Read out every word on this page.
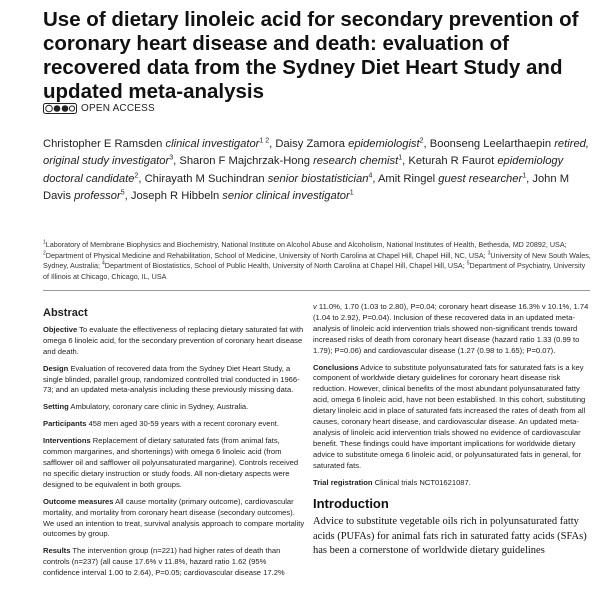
Use of dietary linoleic acid for secondary prevention of coronary heart disease and death: evaluation of recovered data from the Sydney Diet Heart Study and updated meta-analysis
OPEN ACCESS

Christopher E Ramsden clinical investigator$^{1 2}$, Daisy Zamora epidemiologist$^2$, Boonseng Leelarthaepin retired, original study investigator$^3$, Sharon F Majchrzak-Hong research chemist$^1$, Keturah R Faurot epidemiology doctoral candidate$^2$, Chirayath M Suchindran senior biostatistician$^4$, Amit Ringel guest researcher$^1$, John M Davis professor$^5$, Joseph R Hibbeln senior clinical investigator$^1$

$^1$Laboratory of Membrane Biophysics and Biochemistry, National Institute on Alcohol Abuse and Alcoholism, National Institutes of Health, Bethesda, MD 20892, USA; $^2$Department of Physical Medicine and Rehabilitation, School of Medicine, University of North Carolina at Chapel Hill, Chapel Hill, NC, USA; $^3$University of New South Wales, Sydney, Australia; $^4$Department of Biostatistics, School of Public Health, University of North Carolina at Chapel Hill, Chapel Hill, USA; $^5$Department of Psychiatry, University of Illinois at Chicago, Chicago, IL, USA

Abstract

Objective To evaluate the effectiveness of replacing dietary saturated fat with omega 6 linoleic acid, for the secondary prevention of coronary heart disease and death.

Design Evaluation of recovered data from the Sydney Diet Heart Study, a single blinded, parallel group, randomized controlled trial conducted in 1966-73; and an updated meta-analysis including these previously missing data.

Setting Ambulatory, coronary care clinic in Sydney, Australia.

Participants 458 men aged 30-59 years with a recent coronary event.

Interventions Replacement of dietary saturated fats (from animal fats, common margarines, and shortenings) with omega 6 linoleic acid (from safflower oil and safflower oil polyunsaturated margarine). Controls received no specific dietary instruction or study foods. All non-dietary aspects were designed to be equivalent in both groups.

Outcome measures All cause mortality (primary outcome), cardiovascular mortality, and mortality from coronary heart disease (secondary outcomes). We used an intention to treat, survival analysis approach to compare mortality outcomes by group.

Results The intervention group (n=221) had higher rates of death than controls (n=237) (all cause 17.6% v 11.8%, hazard ratio 1.62 (95% confidence interval 1.00 to 2.64), P=0.05; cardiovascular disease 17.2%

v 11.0%, 1.70 (1.03 to 2.80), P=0.04; coronary heart disease 16.3% v 10.1%, 1.74 (1.04 to 2.92), P=0.04). Inclusion of these recovered data in an updated meta-analysis of linoleic acid intervention trials showed non-significant trends toward increased risks of death from coronary heart disease (hazard ratio 1.33 (0.99 to 1.79); P=0.06) and cardiovascular disease (1.27 (0.98 to 1.65); P=0.07).

Conclusions Advice to substitute polyunsaturated fats for saturated fats is a key component of worldwide dietary guidelines for coronary heart disease risk reduction. However, clinical benefits of the most abundant polyunsaturated fatty acid, omega 6 linoleic acid, have not been established. In this cohort, substituting dietary linoleic acid in place of saturated fats increased the rates of death from all causes, coronary heart disease, and cardiovascular disease. An updated meta-analysis of linoleic acid intervention trials showed no evidence of cardiovascular benefit. These findings could have important implications for worldwide dietary advice to substitute omega 6 linoleic acid, or polyunsaturated fats in general, for saturated fats.

Trial registration Clinical trials NCT01621087.

Introduction

Advice to substitute vegetable oils rich in polyunsaturated fatty acids (PUFAs) for animal fats rich in saturated fatty acids (SFAs) has been a cornerstone of worldwide dietary guidelines
